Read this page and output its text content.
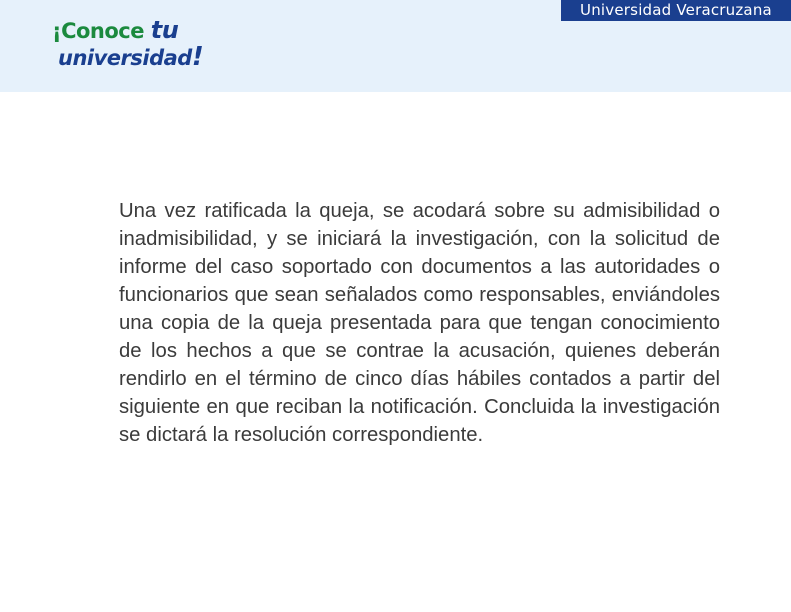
¡Conoce tu
universidad!
Universidad Veracruzana

Una vez ratificada la queja, se acodará sobre su admisibilidad o inadmisibilidad, y se iniciará la investigación, con la solicitud de informe del caso soportado con documentos a las autoridades o funcionarios que sean señalados como responsables, enviándoles una copia de la queja presentada para que tengan conocimiento de los hechos a que se contrae la acusación, quienes deberán rendirlo en el término de cinco días hábiles contados a partir del siguiente en que reciban la notificación. Concluida la investigación se dictará la resolución correspondiente.
